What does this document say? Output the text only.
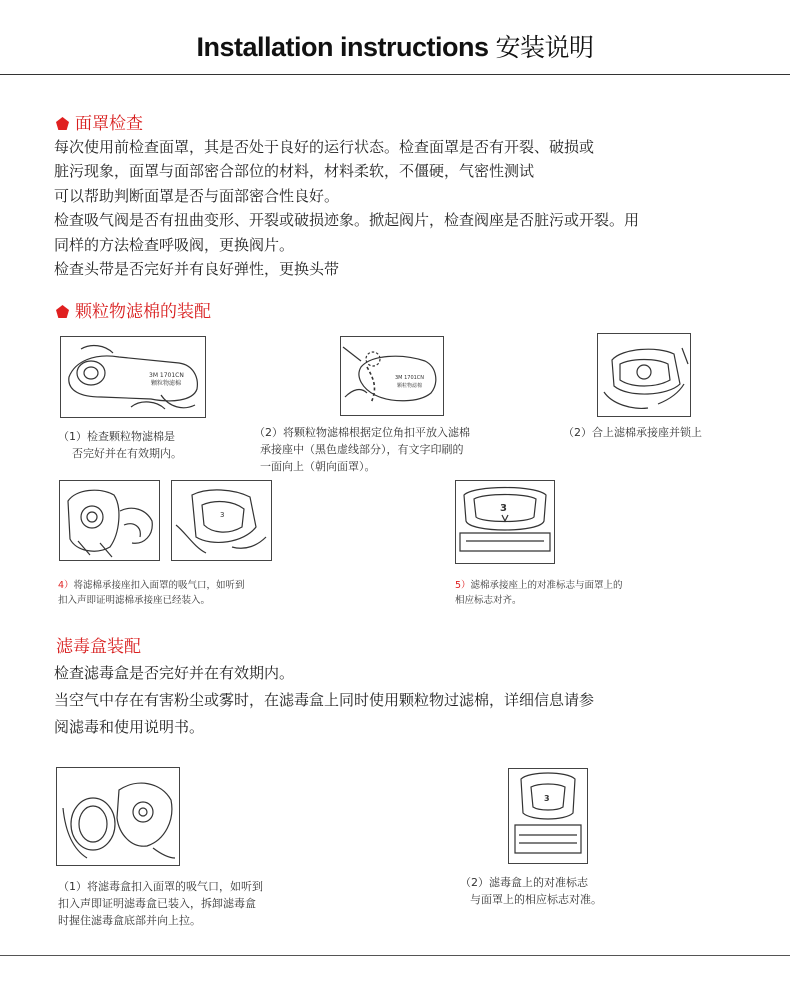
Installation instructions 安装说明
面罩检查
每次使用前检查面罩，其是否处于良好的运行状态。检查面罩是否有开裂、破损或
脏污现象，面罩与面部密合部位的材料，材料柔软，不僵硬，气密性测试
可以帮助判断面罩是否与面部密合性良好。
检查吸气阀是否有扭曲变形、开裂或破损迹象。掀起阀片，检查阀座是否脏污或开裂。用
同样的方法检查呼吸阀，更换阀片。
检查头带是否完好并有良好弹性，更换头带
颗粒物滤棉的装配
3M 1701CN
颗粒物滤棉
3M 1701CN
颗粒物滤棉
（1）检查颗粒物滤棉是
否完好并在有效期内。
（2）将颗粒物滤棉根据定位角扣平放入滤棉
承接座中（黑色虚线部分），有文字印刷的
一面向上（朝向面罩）。
（2）合上滤棉承接座并锁上
3
3
4）将滤棉承接座扣入面罩的吸气口，如听到
扣入声即证明滤棉承接座已经装入。
5）滤棉承接座上的对准标志与面罩上的
相应标志对齐。
滤毒盒装配
检查滤毒盒是否完好并在有效期内。
当空气中存在有害粉尘或雾时，在滤毒盒上同时使用颗粒物过滤棉，详细信息请参
阅滤毒和使用说明书。
3
（1）将滤毒盒扣入面罩的吸气口，如听到
扣入声即证明滤毒盒已装入，拆卸滤毒盒
时握住滤毒盒底部并向上拉。
（2）滤毒盒上的对准标志
与面罩上的相应标志对准。
